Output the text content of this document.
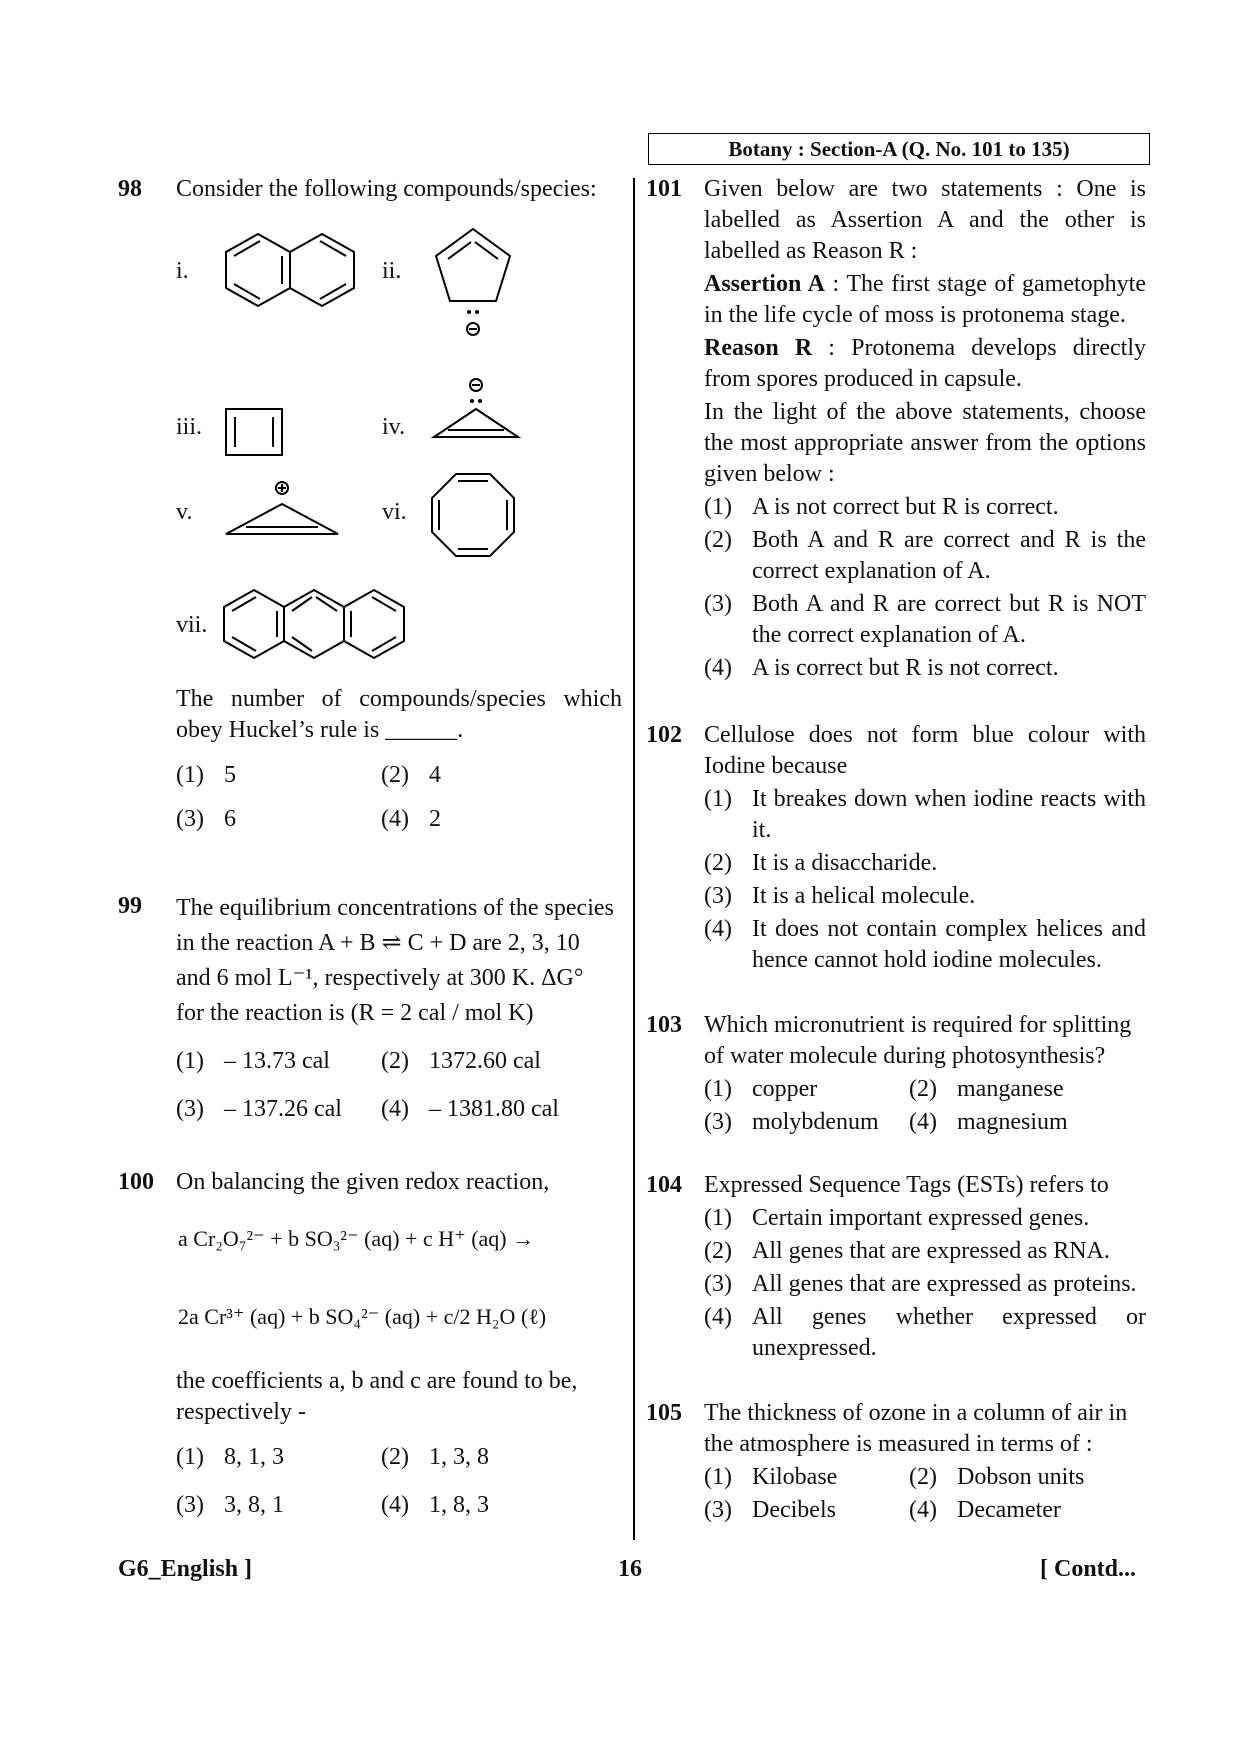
Botany : Section-A (Q. No. 101 to 135)
98 Consider the following compounds/species:
i.	ii.
iii.	iv.
v.	vi.
vii.
The number of compounds/species which obey Huckel’s rule is ______.
(1) 5	(2) 4
(3) 6	(4) 2
99 The equilibrium concentrations of the species
in the reaction A + B ⇌ C + D are 2, 3, 10
and 6 mol L⁻¹, respectively at 300 K. ΔG°
for the reaction is (R = 2 cal / mol K)
(1) – 13.73 cal (2) 1372.60 cal
(3) – 137.26 cal (4) – 1381.80 cal
100 On balancing the given redox reaction,
a Cr₂O₇²⁻ + b SO₃²⁻ (aq) + c H⁺ (aq) →
2a Cr³⁺ (aq) + b SO₄²⁻ (aq) + c/2 H₂O (ℓ)
the coefficients a, b and c are found to be, respectively -
(1) 8, 1, 3	(2) 1, 3, 8
(3) 3, 8, 1	(4) 1, 8, 3
101 Given below are two statements : One is labelled as Assertion A and the other is labelled as Reason R :
Assertion A : The first stage of gametophyte in the life cycle of moss is protonema stage.
Reason R : Protonema develops directly from spores produced in capsule.
In the light of the above statements, choose the most appropriate answer from the options given below :
(1) A is not correct but R is correct.
(2) Both A and R are correct and R is the correct explanation of A.
(3) Both A and R are correct but R is NOT the correct explanation of A.
(4) A is correct but R is not correct.
102 Cellulose does not form blue colour with Iodine because
(1) It breakes down when iodine reacts with it.
(2) It is a disaccharide.
(3) It is a helical molecule.
(4) It does not contain complex helices and hence cannot hold iodine molecules.
103 Which micronutrient is required for splitting of water molecule during photosynthesis?
(1) copper	(2) manganese
(3) molybdenum (4) magnesium
104 Expressed Sequence Tags (ESTs) refers to
(1) Certain important expressed genes.
(2) All genes that are expressed as RNA.
(3) All genes that are expressed as proteins.
(4) All genes whether expressed or unexpressed.
105 The thickness of ozone in a column of air in the atmosphere is measured in terms of :
(1) Kilobase	(2) Dobson units
(3) Decibels	(4) Decameter
G6_English ]	16	[ Contd...
